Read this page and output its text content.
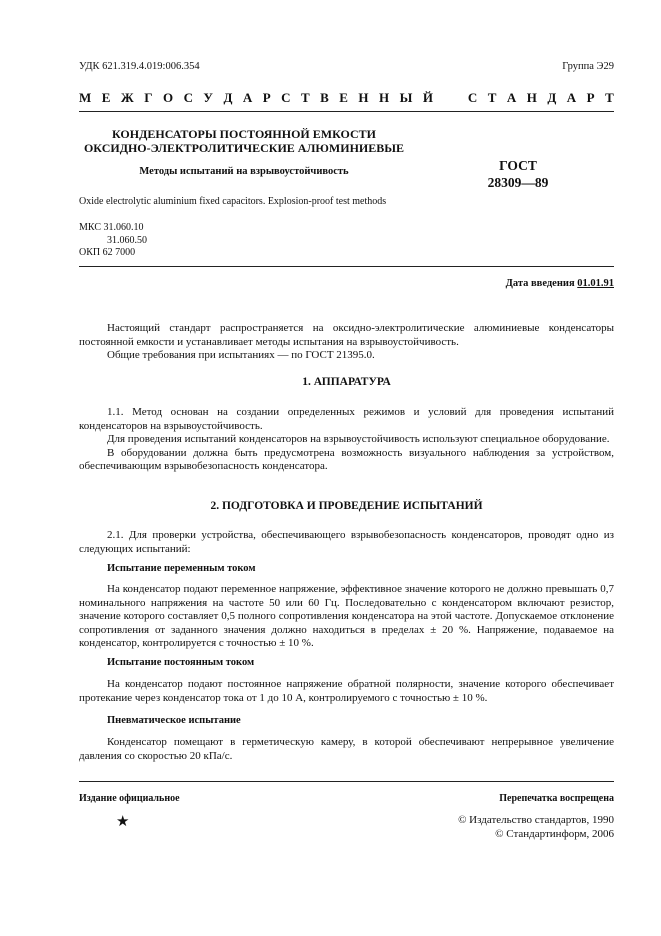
УДК 621.319.4.019:006.354	Группа Э29
М Е Ж Г О С У Д А Р С Т В Е Н Н Ы Й	С Т А Н Д А Р Т
КОНДЕНСАТОРЫ ПОСТОЯННОЙ ЕМКОСТИ
ОКСИДНО-ЭЛЕКТРОЛИТИЧЕСКИЕ АЛЮМИНИЕВЫЕ
Методы испытаний на взрывоустойчивость	ГОСТ
28309—89
Oxide electrolytic aluminium fixed capacitors. Explosion-proof test methods
МКС 31.060.10
31.060.50
ОКП 62 7000
Дата введения 01.01.91

Настоящий стандарт распространяется на оксидно-электролитические алюминиевые конденсаторы постоянной емкости и устанавливает методы испытания на взрывоустойчивость.

Общие требования при испытаниях — по ГОСТ 21395.0.

1. АППАРАТУРА

1.1. Метод основан на создании определенных режимов и условий для проведения испытаний конденсаторов на взрывоустойчивость.

Для проведения испытаний конденсаторов на взрывоустойчивость используют специальное оборудование.

В оборудовании должна быть предусмотрена возможность визуального наблюдения за устройством, обеспечивающим взрывобезопасность конденсатора.

2. ПОДГОТОВКА И ПРОВЕДЕНИЕ ИСПЫТАНИЙ

2.1. Для проверки устройства, обеспечивающего взрывобезопасность конденсаторов, проводят одно из следующих испытаний:

Испытание переменным током

На конденсатор подают переменное напряжение, эффективное значение которого не должно превышать 0,7 номинального напряжения на частоте 50 или 60 Гц. Последовательно с конденсатором включают резистор, значение которого составляет 0,5 полного сопротивления конденсатора на этой частоте. Допускаемое отклонение сопротивления от заданного значения должно находиться в пределах ± 20 %. Напряжение, подаваемое на конденсатор, контролируется с точностью ± 10 %.

Испытание постоянным током

На конденсатор подают постоянное напряжение обратной полярности, значение которого обеспечивает протекание через конденсатор тока от 1 до 10 А, контролируемого с точностью ± 10 %.

Пневматическое испытание

Конденсатор помещают в герметическую камеру, в которой обеспечивают непрерывное увеличение давления со скоростью 20 кПа/с.

Издание официальное	Перепечатка воспрещена
★	© Издательство стандартов, 1990
© Стандартинформ, 2006
